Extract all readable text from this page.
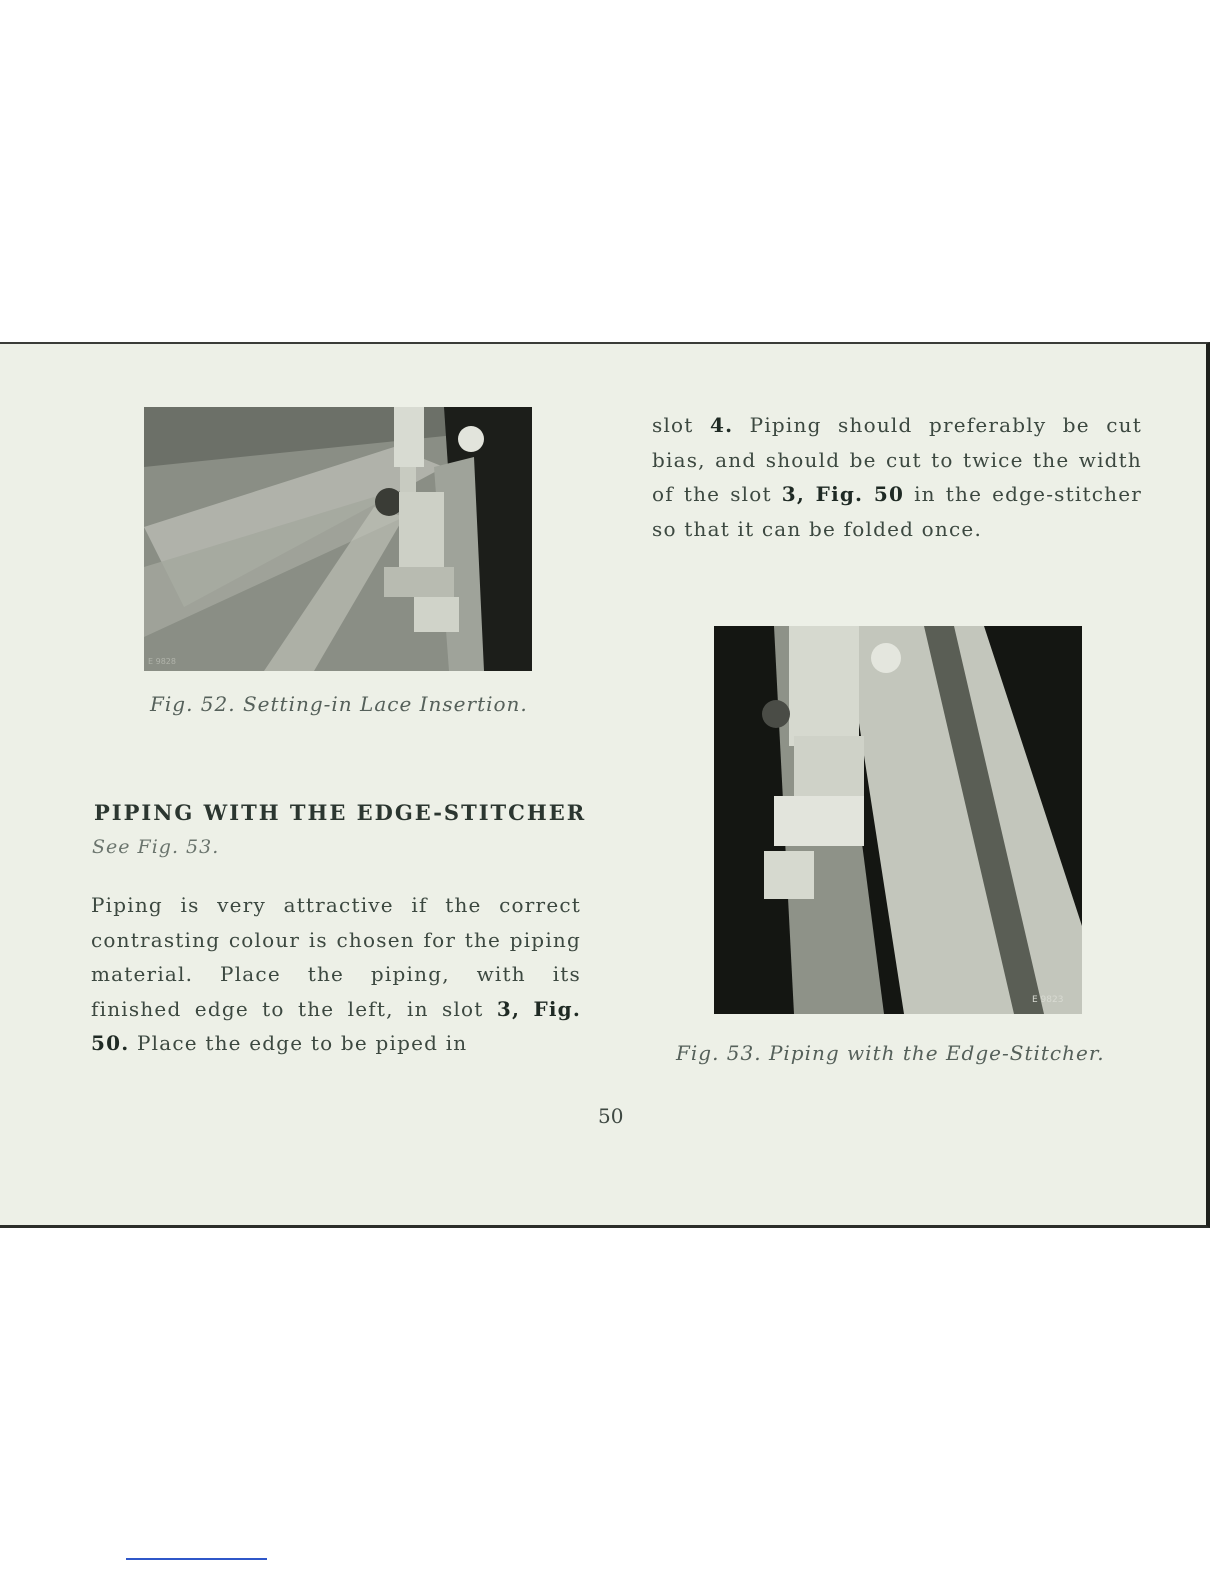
E 9828
Fig. 52. Setting-in Lace Insertion.
slot 4. Piping should preferably be cut bias, and should be cut to twice the width of the slot 3, Fig. 50 in the edge-stitcher so that it can be folded once.
E 9823
Fig. 53. Piping with the Edge-Stitcher.
PIPING WITH THE EDGE-STITCHER
See Fig. 53.
Piping is very attractive if the correct contrasting colour is chosen for the piping material. Place the piping, with its finished edge to the left, in slot 3, Fig. 50. Place the edge to be piped in
50
